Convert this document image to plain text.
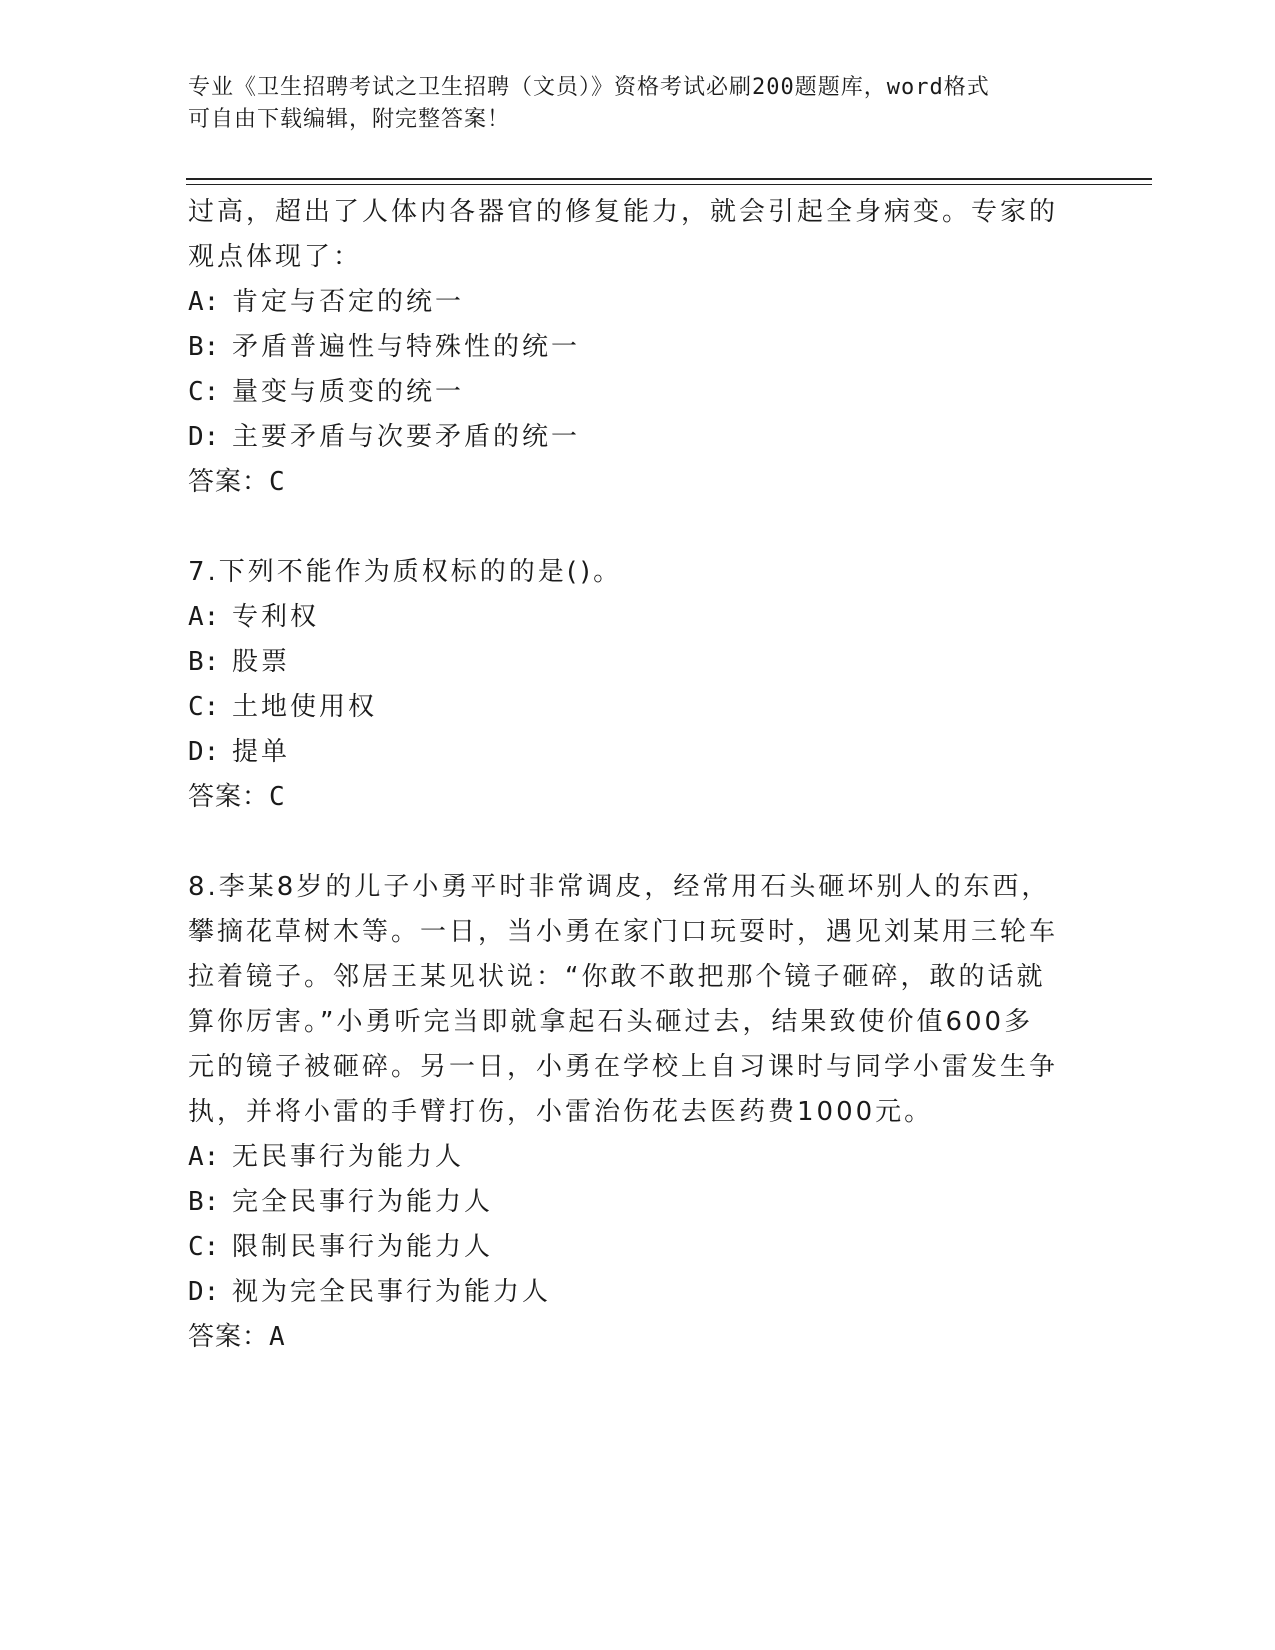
专业《卫生招聘考试之卫生招聘（文员）》资格考试必刷200题题库，word格式
可自由下载编辑，附完整答案！
过高，超出了人体内各器官的修复能力，就会引起全身病变。专家的
观点体现了：
A: 肯定与否定的统一
B: 矛盾普遍性与特殊性的统一
C: 量变与质变的统一
D: 主要矛盾与次要矛盾的统一
答案：C
7.下列不能作为质权标的的是()。
A: 专利权
B: 股票
C: 土地使用权
D: 提单
答案：C
8.李某8岁的儿子小勇平时非常调皮，经常用石头砸坏别人的东西，
攀摘花草树木等。一日，当小勇在家门口玩耍时，遇见刘某用三轮车
拉着镜子。邻居王某见状说：“你敢不敢把那个镜子砸碎，敢的话就
算你厉害。”小勇听完当即就拿起石头砸过去，结果致使价值600多
元的镜子被砸碎。另一日，小勇在学校上自习课时与同学小雷发生争
执，并将小雷的手臂打伤，小雷治伤花去医药费1000元。
A: 无民事行为能力人
B: 完全民事行为能力人
C: 限制民事行为能力人
D: 视为完全民事行为能力人
答案：A
